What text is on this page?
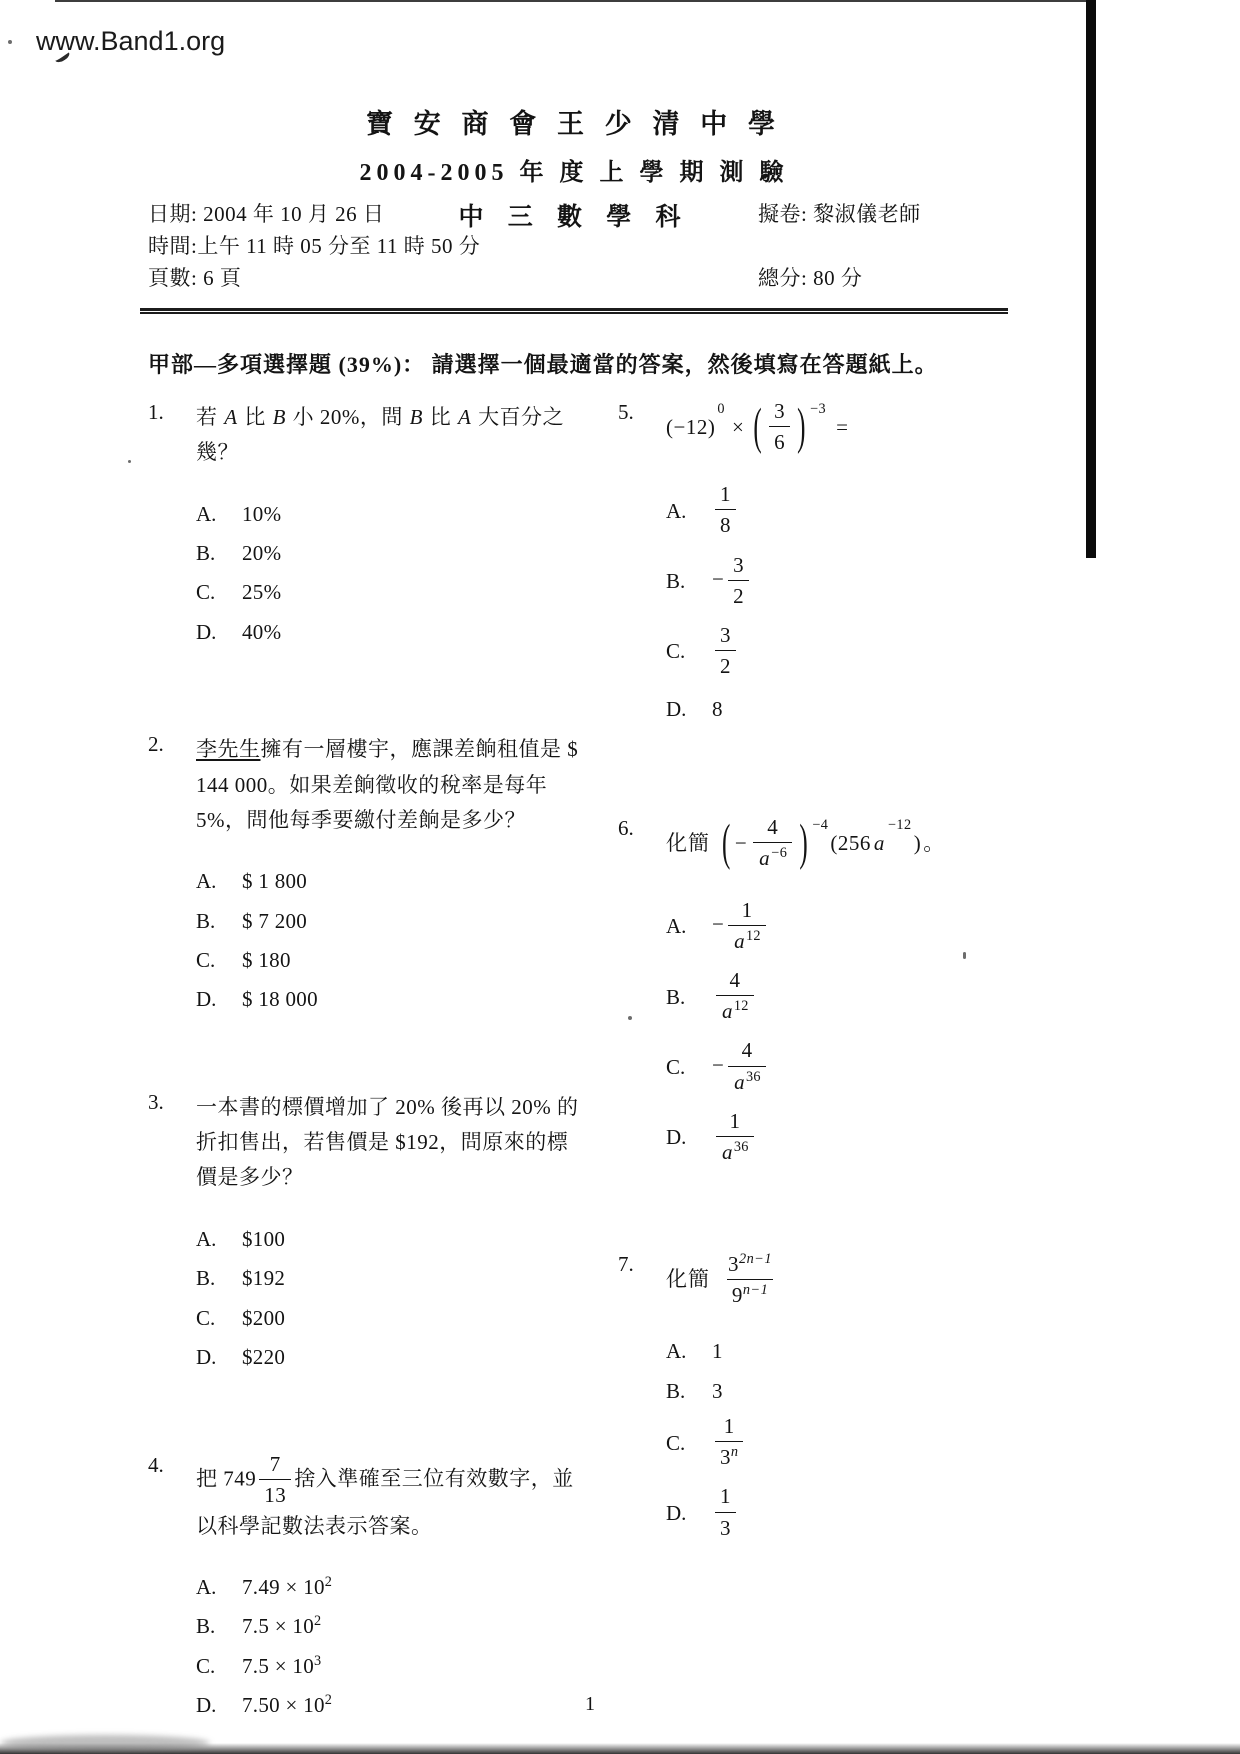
www.Band1.org
寶 安 商 會 王 少 清 中 學
2004-2005 年 度 上 學 期 測 驗
中 三 數 學 科
日期: 2004 年 10 月 26 日
時間:上午 11 時 05 分至 11 時 50 分
頁數: 6 頁
擬卷: 黎淑儀老師
總分: 80 分
甲部—多項選擇題 (39%)： 請選擇一個最適當的答案，然後填寫在答題紙上。
1.	若 A 比 B 小 20%，問 B 比 A 大百分之幾？
A.	10%
B.	20%
C.	25%
D.	40%
2.	李先生擁有一層樓宇，應課差餉租值是 $ 144 000。如果差餉徵收的稅率是每年 5%，問他每季要繳付差餉是多少？
A.	$ 1 800
B.	$ 7 200
C.	$ 180
D.	$ 18 000
3.	一本書的標價增加了 20% 後再以 20% 的折扣售出，若售價是 $192，問原來的標價是多少？
A.	$100
B.	$192
C.	$200
D.	$220
4.
把 $749 \frac{7}{13}$ 捨入準確至三位有效數字，並
以科學記數法表示答案。
A.	$7.49 \times 10^2$
B.	$7.5 \times 10^2$
C.	$7.5 \times 10^3$
D.	$7.50 \times 10^2$
5.
(−12)
$^0$
× ( $\frac{3}{6}$ ) $^{-3}$
=
A.	$\frac{1}{8}$
B.	− $\frac{3}{2}$
C.	$\frac{3}{2}$
D.	8
6.
化簡 ( − $\frac{4}{a^{-6}}$ ) $^{-4}$
(256 a
$^{-12}$
) 。
A.	− $\frac{1}{a^{12}}$
B.	$\frac{4}{a^{12}}$
C.	− $\frac{4}{a^{36}}$
D.	$\frac{1}{a^{36}}$
7.
化簡 $\frac{3^{2n-1}}{9^{n-1}}$
A.	1
B.	3
C.	$\frac{1}{3^n}$
D.	$\frac{1}{3}$
1
